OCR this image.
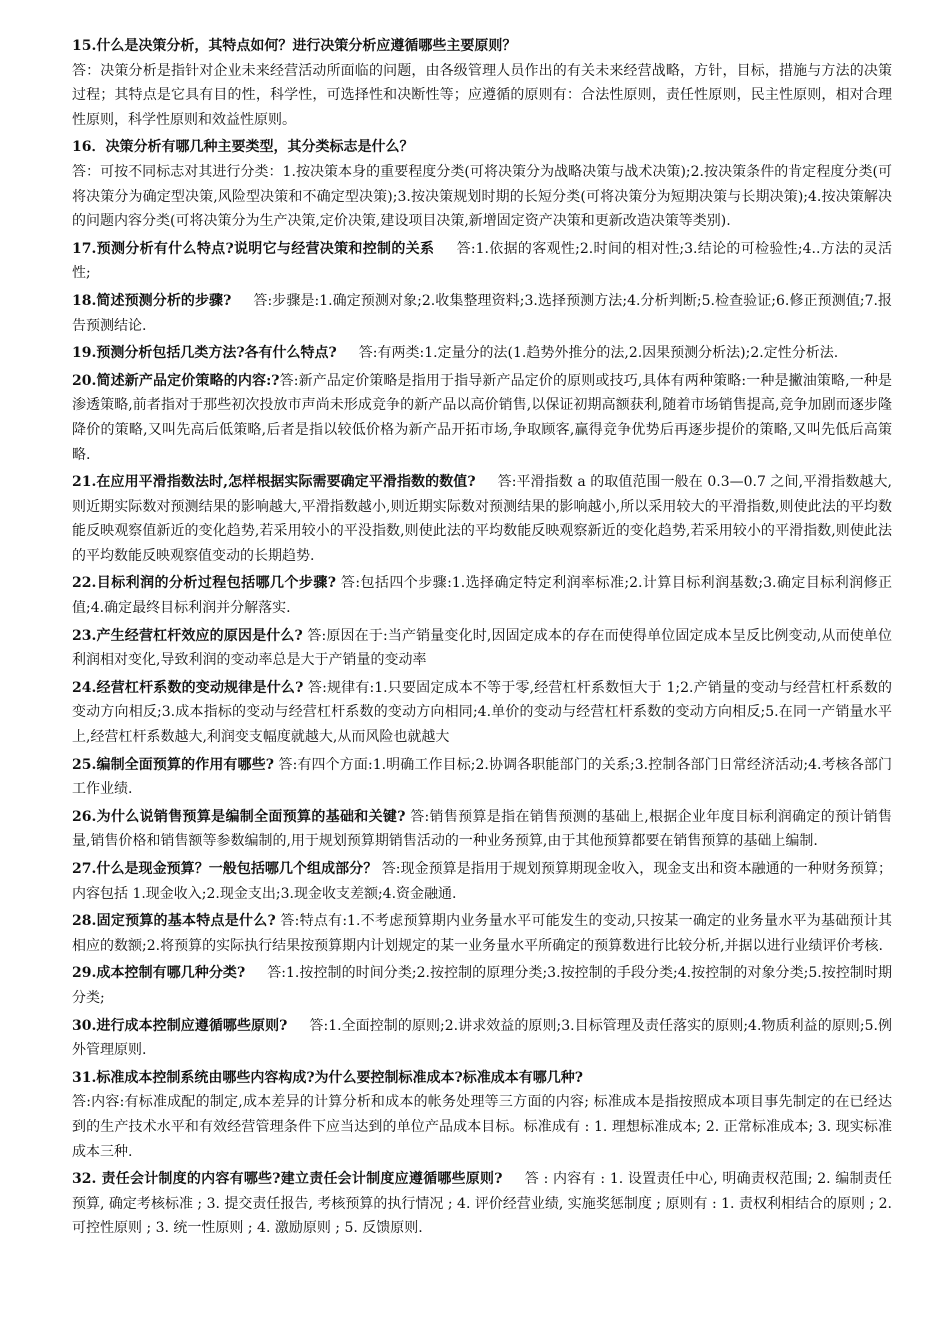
15.什么是决策分析，其特点如何？进行决策分析应遵循哪些主要原则？
答：决策分析是指针对企业未来经营活动所面临的问题，由各级管理人员作出的有关未来经营战略，方针，目标，措施与方法的决策过程；其特点是它具有目的性，科学性，可选择性和决断性等；应遵循的原则有：合法性原则，责任性原则，民主性原则，相对合理性原则，科学性原则和效益性原则。
16．决策分析有哪几种主要类型，其分类标志是什么？
答：可按不同标志对其进行分类：1.按决策本身的重要程度分类(可将决策分为战略决策与战术决策);2.按决策条件的肯定程度分类(可将决策分为确定型决策,风险型决策和不确定型决策);3.按决策规划时期的长短分类(可将决策分为短期决策与长期决策);4.按决策解决的问题内容分类(可将决策分为生产决策,定价决策,建设项目决策,新增固定资产决策和更新改造决策等类别).
17.预测分析有什么特点?说明它与经营决策和控制的关系 答:1.依据的客观性;2.时间的相对性;3.结论的可检验性;4..方法的灵活性;
18.简述预测分析的步骤? 答:步骤是:1.确定预测对象;2.收集整理资料;3.选择预测方法;4.分析判断;5.检查验证;6.修正预测值;7.报告预测结论.
19.预测分析包括几类方法?各有什么特点? 答:有两类:1.定量分的法(1.趋势外推分的法,2.因果预测分析法);2.定性分析法.
20.简述新产品定价策略的内容:?答:新产品定价策略是指用于指导新产品定价的原则或技巧,具体有两种策略:一种是撇油策略,一种是渗透策略,前者指对于那些初次投放市声尚未形成竞争的新产品以高价销售,以保证初期高额获利,随着市场销售提高,竞争加剧而逐步隆降价的策略,又叫先高后低策略,后者是指以较低价格为新产品开拓市场,争取顾客,赢得竞争优势后再逐步提价的策略,又叫先低后高策略.
21.在应用平滑指数法时,怎样根据实际需要确定平滑指数的数值? 答:平滑指数 a 的取值范围一般在 0.3—0.7 之间,平滑指数越大,则近期实际数对预测结果的影响越大,平滑指数越小,则近期实际数对预测结果的影响越小,所以采用较大的平滑指数,则使此法的平均数能反映观察值新近的变化趋势,若采用较小的平没指数,则使此法的平均数能反映观察新近的变化趋势,若采用较小的平滑指数,则使此法的平均数能反映观察值变动的长期趋势.
22.目标利润的分析过程包括哪几个步骤? 答:包括四个步骤:1.选择确定特定利润率标准;2.计算目标利润基数;3.确定目标利润修正值;4.确定最终目标利润并分解落实.
23.产生经营杠杆效应的原因是什么? 答:原因在于:当产销量变化时,因固定成本的存在而使得单位固定成本呈反比例变动,从而使单位利润相对变化,导致利润的变动率总是大于产销量的变动率
24.经营杠杆系数的变动规律是什么? 答:规律有:1.只要固定成本不等于零,经营杠杆系数恒大于 1;2.产销量的变动与经营杠杆系数的变动方向相反;3.成本指标的变动与经营杠杆系数的变动方向相同;4.单价的变动与经营杠杆系数的变动方向相反;5.在同一产销量水平上,经营杠杆系数越大,利润变支幅度就越大,从而风险也就越大
25.编制全面预算的作用有哪些? 答:有四个方面:1.明确工作目标;2.协调各职能部门的关系;3.控制各部门日常经济活动;4.考核各部门工作业绩.
26.为什么说销售预算是编制全面预算的基础和关键? 答:销售预算是指在销售预测的基础上,根据企业年度目标利润确定的预计销售量,销售价格和销售额等参数编制的,用于规划预算期销售活动的一种业务预算,由于其他预算都要在销售预算的基础上编制.
27.什么是现金预算？一般包括哪几个组成部分？ 答:现金预算是指用于规划预算期现金收入，现金支出和资本融通的一种财务预算；内容包括 1.现金收入;2.现金支出;3.现金收支差额;4.资金融通.
28.固定预算的基本特点是什么? 答:特点有:1.不考虑预算期内业务量水平可能发生的变动,只按某一确定的业务量水平为基础预计其相应的数额;2.将预算的实际执行结果按预算期内计划规定的某一业务量水平所确定的预算数进行比较分析,并据以进行业绩评价考核.
29.成本控制有哪几种分类? 答:1.按控制的时间分类;2.按控制的原理分类;3.按控制的手段分类;4.按控制的对象分类;5.按控制时期分类;
30.进行成本控制应遵循哪些原则? 答:1.全面控制的原则;2.讲求效益的原则;3.目标管理及责任落实的原则;4.物质利益的原则;5.例外管理原则.
31.标准成本控制系统由哪些内容构成?为什么要控制标准成本?标准成本有哪几种?
答:内容:有标准成配的制定,成本差异的计算分析和成本的帐务处理等三方面的内容; 标准成本是指按照成本项目事先制定的在已经达到的生产技术水平和有效经营管理条件下应当达到的单位产品成本目标。标准成有 : 1. 理想标准成本; 2. 正常标准成本; 3. 现实标准成本三种.
32. 责任会计制度的内容有哪些?建立责任会计制度应遵循哪些原则? 答 : 内容有 : 1. 设置责任中心, 明确责权范围; 2. 编制责任预算, 确定考核标准 ; 3. 提交责任报告, 考核预算的执行情况 ; 4. 评价经营业绩, 实施奖惩制度 ; 原则有 : 1. 责权利相结合的原则 ; 2. 可控性原则 ; 3. 统一性原则 ; 4. 激励原则 ; 5. 反馈原则.
